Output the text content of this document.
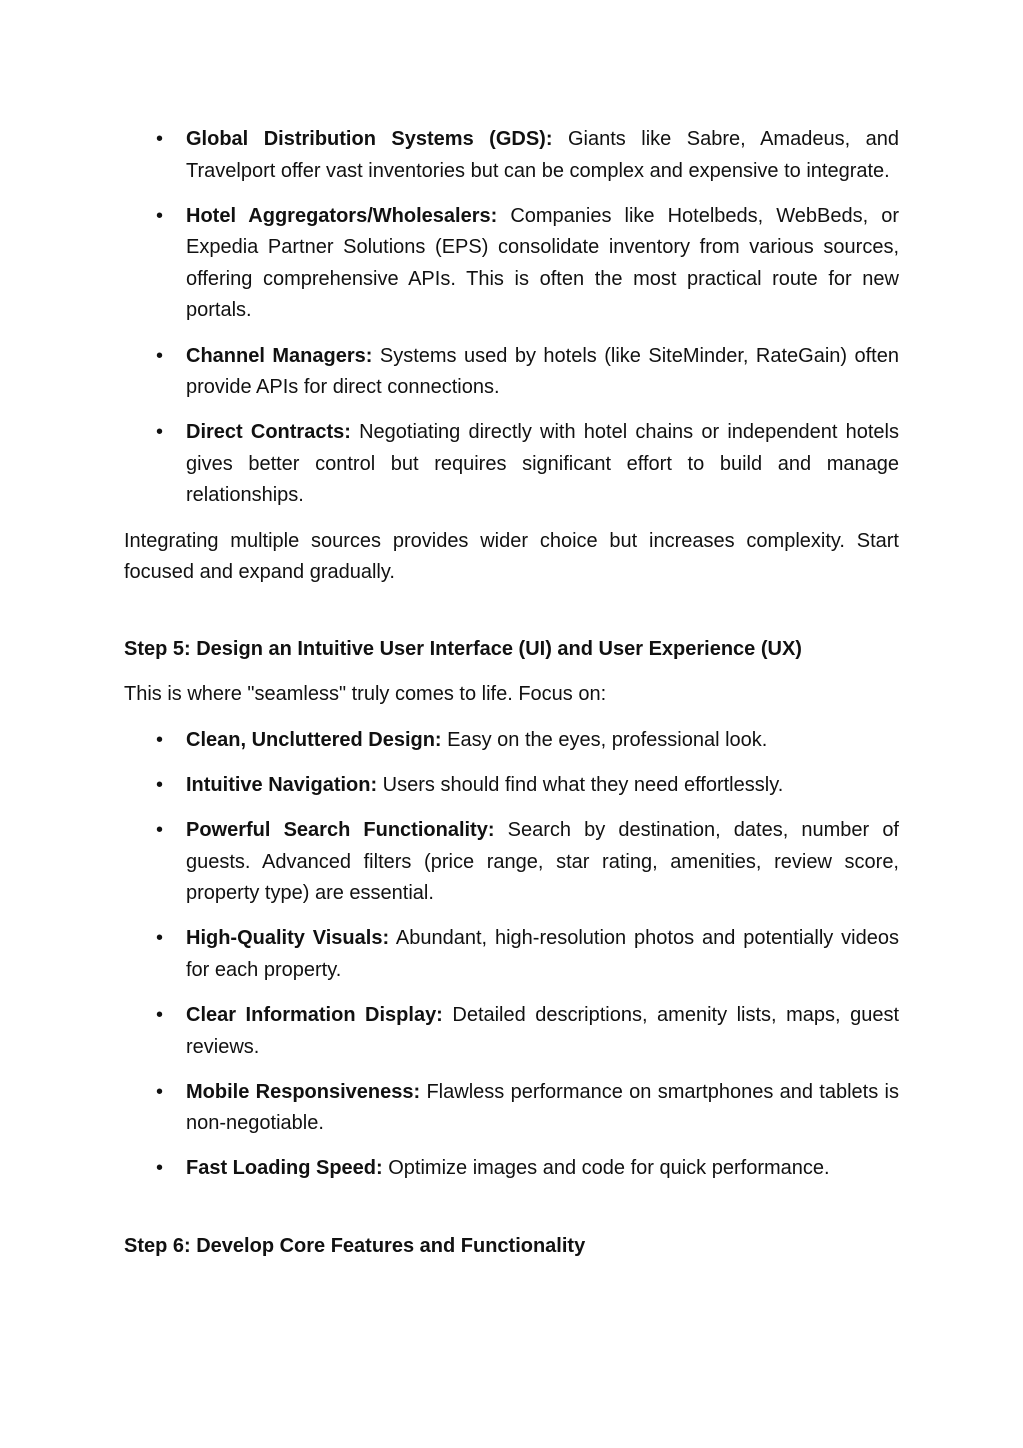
• Global Distribution Systems (GDS): Giants like Sabre, Amadeus, and Travelport offer vast inventories but can be complex and expensive to integrate.
• Hotel Aggregators/Wholesalers: Companies like Hotelbeds, WebBeds, or Expedia Partner Solutions (EPS) consolidate inventory from various sources, offering comprehensive APIs. This is often the most practical route for new portals.
• Channel Managers: Systems used by hotels (like SiteMinder, RateGain) often provide APIs for direct connections.
• Direct Contracts: Negotiating directly with hotel chains or independent hotels gives better control but requires significant effort to build and manage relationships.

Integrating multiple sources provides wider choice but increases complexity. Start focused and expand gradually.

Step 5: Design an Intuitive User Interface (UI) and User Experience (UX)

This is where "seamless" truly comes to life. Focus on:

• Clean, Uncluttered Design: Easy on the eyes, professional look.
• Intuitive Navigation: Users should find what they need effortlessly.
• Powerful Search Functionality: Search by destination, dates, number of guests. Advanced filters (price range, star rating, amenities, review score, property type) are essential.
• High-Quality Visuals: Abundant, high-resolution photos and potentially videos for each property.
• Clear Information Display: Detailed descriptions, amenity lists, maps, guest reviews.
• Mobile Responsiveness: Flawless performance on smartphones and tablets is non-negotiable.
• Fast Loading Speed: Optimize images and code for quick performance.

Step 6: Develop Core Features and Functionality
